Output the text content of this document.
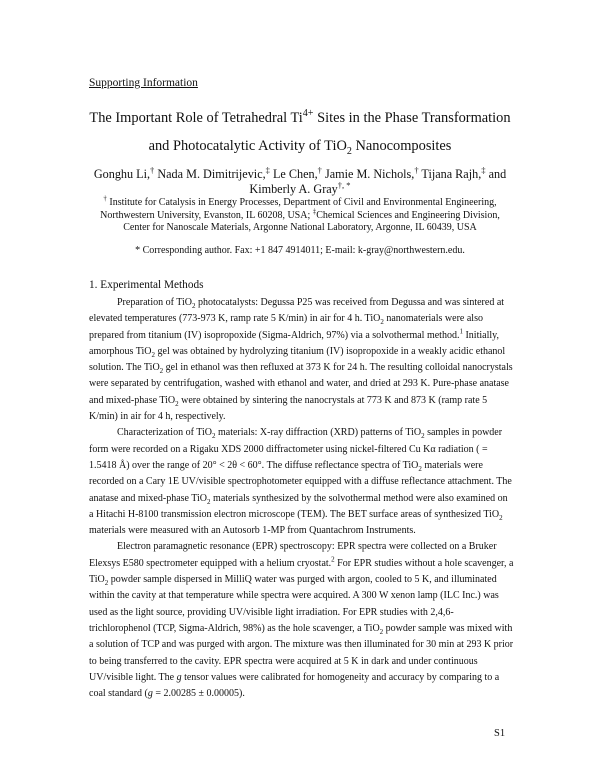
Supporting Information
The Important Role of Tetrahedral $Ti^{4+}$ Sites in the Phase Transformation
and Photocatalytic Activity of TiO$_2$ Nanocomposites
Gonghu Li,† Nada M. Dimitrijevic,‡ Le Chen,† Jamie M. Nichols,† Tijana Rajh,‡ and
Kimberly A. Gray†, *
† Institute for Catalysis in Energy Processes, Department of Civil and Environmental Engineering,
Northwestern University, Evanston, IL 60208, USA; ‡Chemical Sciences and Engineering Division,
Center for Nanoscale Materials, Argonne National Laboratory, Argonne, IL 60439, USA
* Corresponding author. Fax: +1 847 4914011; E-mail: k-gray@northwestern.edu.
1. Experimental Methods

Preparation of TiO$_2$ photocatalysts: Degussa P25 was received from Degussa and was sintered at elevated temperatures (773-973 K, ramp rate 5 K/min) in air for 4 h. TiO$_2$ nanomaterials were also prepared from titanium (IV) isopropoxide (Sigma-Aldrich, 97%) via a solvothermal method.$^1$ Initially, amorphous TiO$_2$ gel was obtained by hydrolyzing titanium (IV) isopropoxide in a weakly acidic ethanol solution. The TiO$_2$ gel in ethanol was then refluxed at 373 K for 24 h. The resulting colloidal nanocrystals were separated by centrifugation, washed with ethanol and water, and dried at 293 K. Pure-phase anatase and mixed-phase TiO$_2$ were obtained by sintering the nanocrystals at 773 K and 873 K (ramp rate 5 K/min) in air for 4 h, respectively.

Characterization of TiO$_2$ materials: X-ray diffraction (XRD) patterns of TiO$_2$ samples in powder form were recorded on a Rigaku XDS 2000 diffractometer using nickel-filtered Cu Kα radiation ( = 1.5418 Å) over the range of 20° < 2θ < 60°. The diffuse reflectance spectra of TiO$_2$ materials were recorded on a Cary 1E UV/visible spectrophotometer equipped with a diffuse reflectance attachment. The anatase and mixed-phase TiO$_2$ materials synthesized by the solvothermal method were also examined on a Hitachi H-8100 transmission electron microscope (TEM). The BET surface areas of synthesized TiO$_2$ materials were measured with an Autosorb 1-MP from Quantachrom Instruments.

Electron paramagnetic resonance (EPR) spectroscopy: EPR spectra were collected on a Bruker Elexsys E580 spectrometer equipped with a helium cryostat.$^2$ For EPR studies without a hole scavenger, a TiO$_2$ powder sample dispersed in MilliQ water was purged with argon, cooled to 5 K, and illuminated within the cavity at that temperature while spectra were acquired. A 300 W xenon lamp (ILC Inc.) was used as the light source, providing UV/visible light irradiation. For EPR studies with 2,4,6-trichlorophenol (TCP, Sigma-Aldrich, 98%) as the hole scavenger, a TiO$_2$ powder sample was mixed with a solution of TCP and was purged with argon. The mixture was then illuminated for 30 min at 293 K prior to being transferred to the cavity. EPR spectra were acquired at 5 K in dark and under continuous UV/visible light. The g tensor values were calibrated for homogeneity and accuracy by comparing to a coal standard (g = 2.00285 ± 0.00005).

S1
